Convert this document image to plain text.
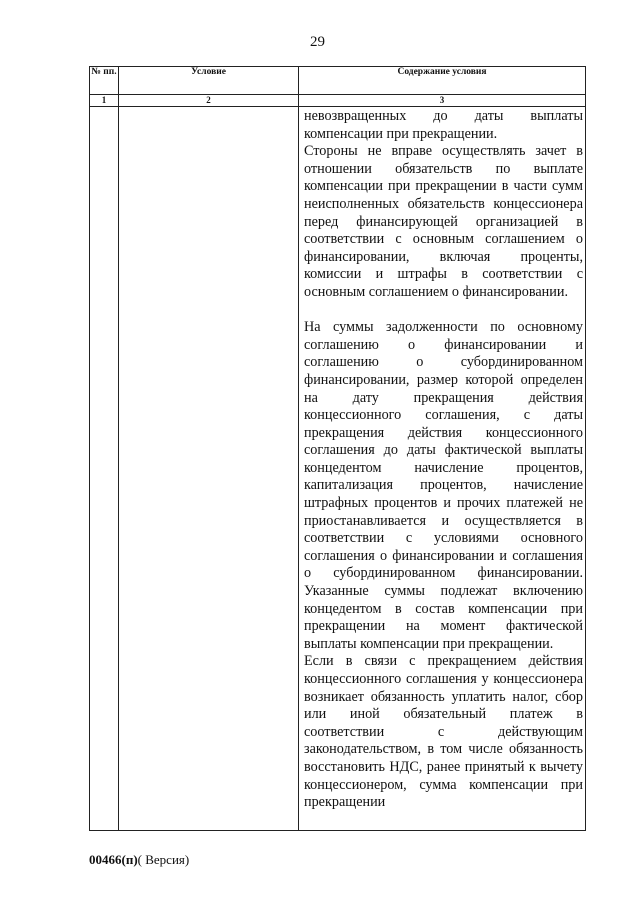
29
№ пп.	Условие	Содержание условия
1	2	3

		невозвращенных до даты выплаты компенсации при прекращении.

Стороны не вправе осуществлять зачет в отношении обязательств по выплате компенсации при прекращении в части сумм неисполненных обязательств концессионера перед финансирующей организацией в соответствии с основным соглашением о финансировании, включая проценты, комиссии и штрафы в соответствии с основным соглашением о финансировании.

На суммы задолженности по основному соглашению о финансировании и соглашению о субординированном финансировании, размер которой определен на дату прекращения действия концессионного соглашения, с даты прекращения действия концессионного соглашения до даты фактической выплаты концедентом начисление процентов, капитализация процентов, начисление штрафных процентов и прочих платежей не приостанавливается и осуществляется в соответствии с условиями основного соглашения о финансировании и соглашения о субординированном финансировании. Указанные суммы подлежат включению концедентом в состав компенсации при прекращении на момент фактической выплаты компенсации при прекращении.

Если в связи с прекращением действия концессионного соглашения у концессионера возникает обязанность уплатить налог, сбор или иной обязательный платеж в соответствии с действующим законодательством, в том числе обязанность восстановить НДС, ранее принятый к вычету концессионером, сумма компенсации при прекращении

00466(п)( Версия)
